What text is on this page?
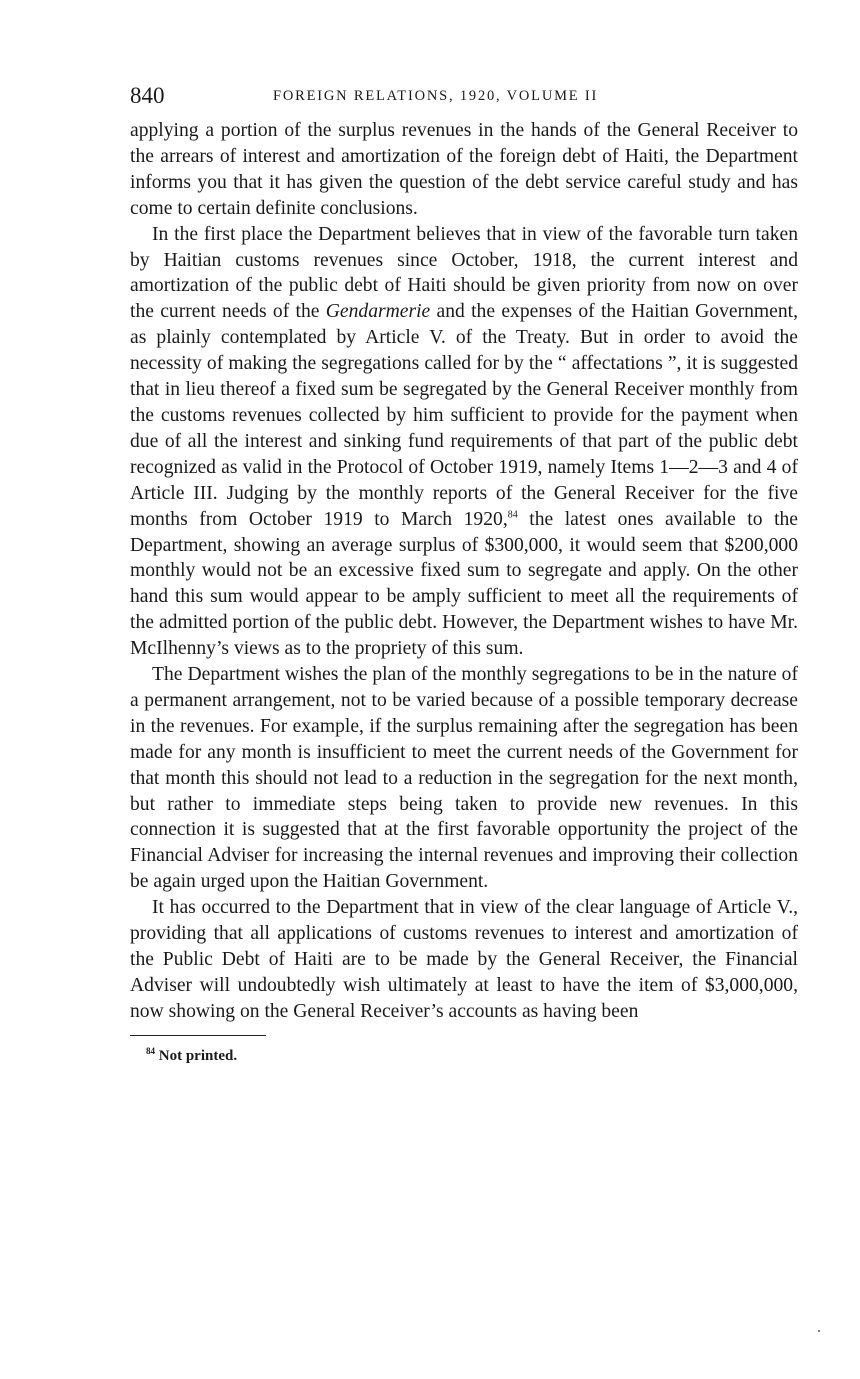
840	FOREIGN RELATIONS, 1920, VOLUME II

applying a portion of the surplus revenues in the hands of the General Receiver to the arrears of interest and amortization of the foreign debt of Haiti, the Department informs you that it has given the question of the debt service careful study and has come to certain definite conclusions.

In the first place the Department believes that in view of the favorable turn taken by Haitian customs revenues since October, 1918, the current interest and amortization of the public debt of Haiti should be given priority from now on over the current needs of the Gendarmerie and the expenses of the Haitian Government, as plainly contemplated by Article V. of the Treaty. But in order to avoid the necessity of making the segregations called for by the “ affectations ”, it is suggested that in lieu thereof a fixed sum be segregated by the General Receiver monthly from the customs revenues collected by him sufficient to provide for the payment when due of all the interest and sinking fund requirements of that part of the public debt recognized as valid in the Protocol of October 1919, namely Items 1—2—3 and 4 of Article III. Judging by the monthly reports of the General Receiver for the five months from October 1919 to March 1920,84 the latest ones available to the Department, showing an average surplus of $300,000, it would seem that $200,000 monthly would not be an excessive fixed sum to segregate and apply. On the other hand this sum would appear to be amply sufficient to meet all the requirements of the admitted portion of the public debt. However, the Department wishes to have Mr. McIlhenny’s views as to the propriety of this sum.

The Department wishes the plan of the monthly segregations to be in the nature of a permanent arrangement, not to be varied because of a possible temporary decrease in the revenues. For example, if the surplus remaining after the segregation has been made for any month is insufficient to meet the current needs of the Government for that month this should not lead to a reduction in the segregation for the next month, but rather to immediate steps being taken to provide new revenues. In this connection it is suggested that at the first favorable opportunity the project of the Financial Adviser for increasing the internal revenues and improving their collection be again urged upon the Haitian Government.

It has occurred to the Department that in view of the clear language of Article V., providing that all applications of customs revenues to interest and amortization of the Public Debt of Haiti are to be made by the General Receiver, the Financial Adviser will undoubtedly wish ultimately at least to have the item of $3,000,000, now showing on the General Receiver’s accounts as having been

$^{84}$ Not printed.
